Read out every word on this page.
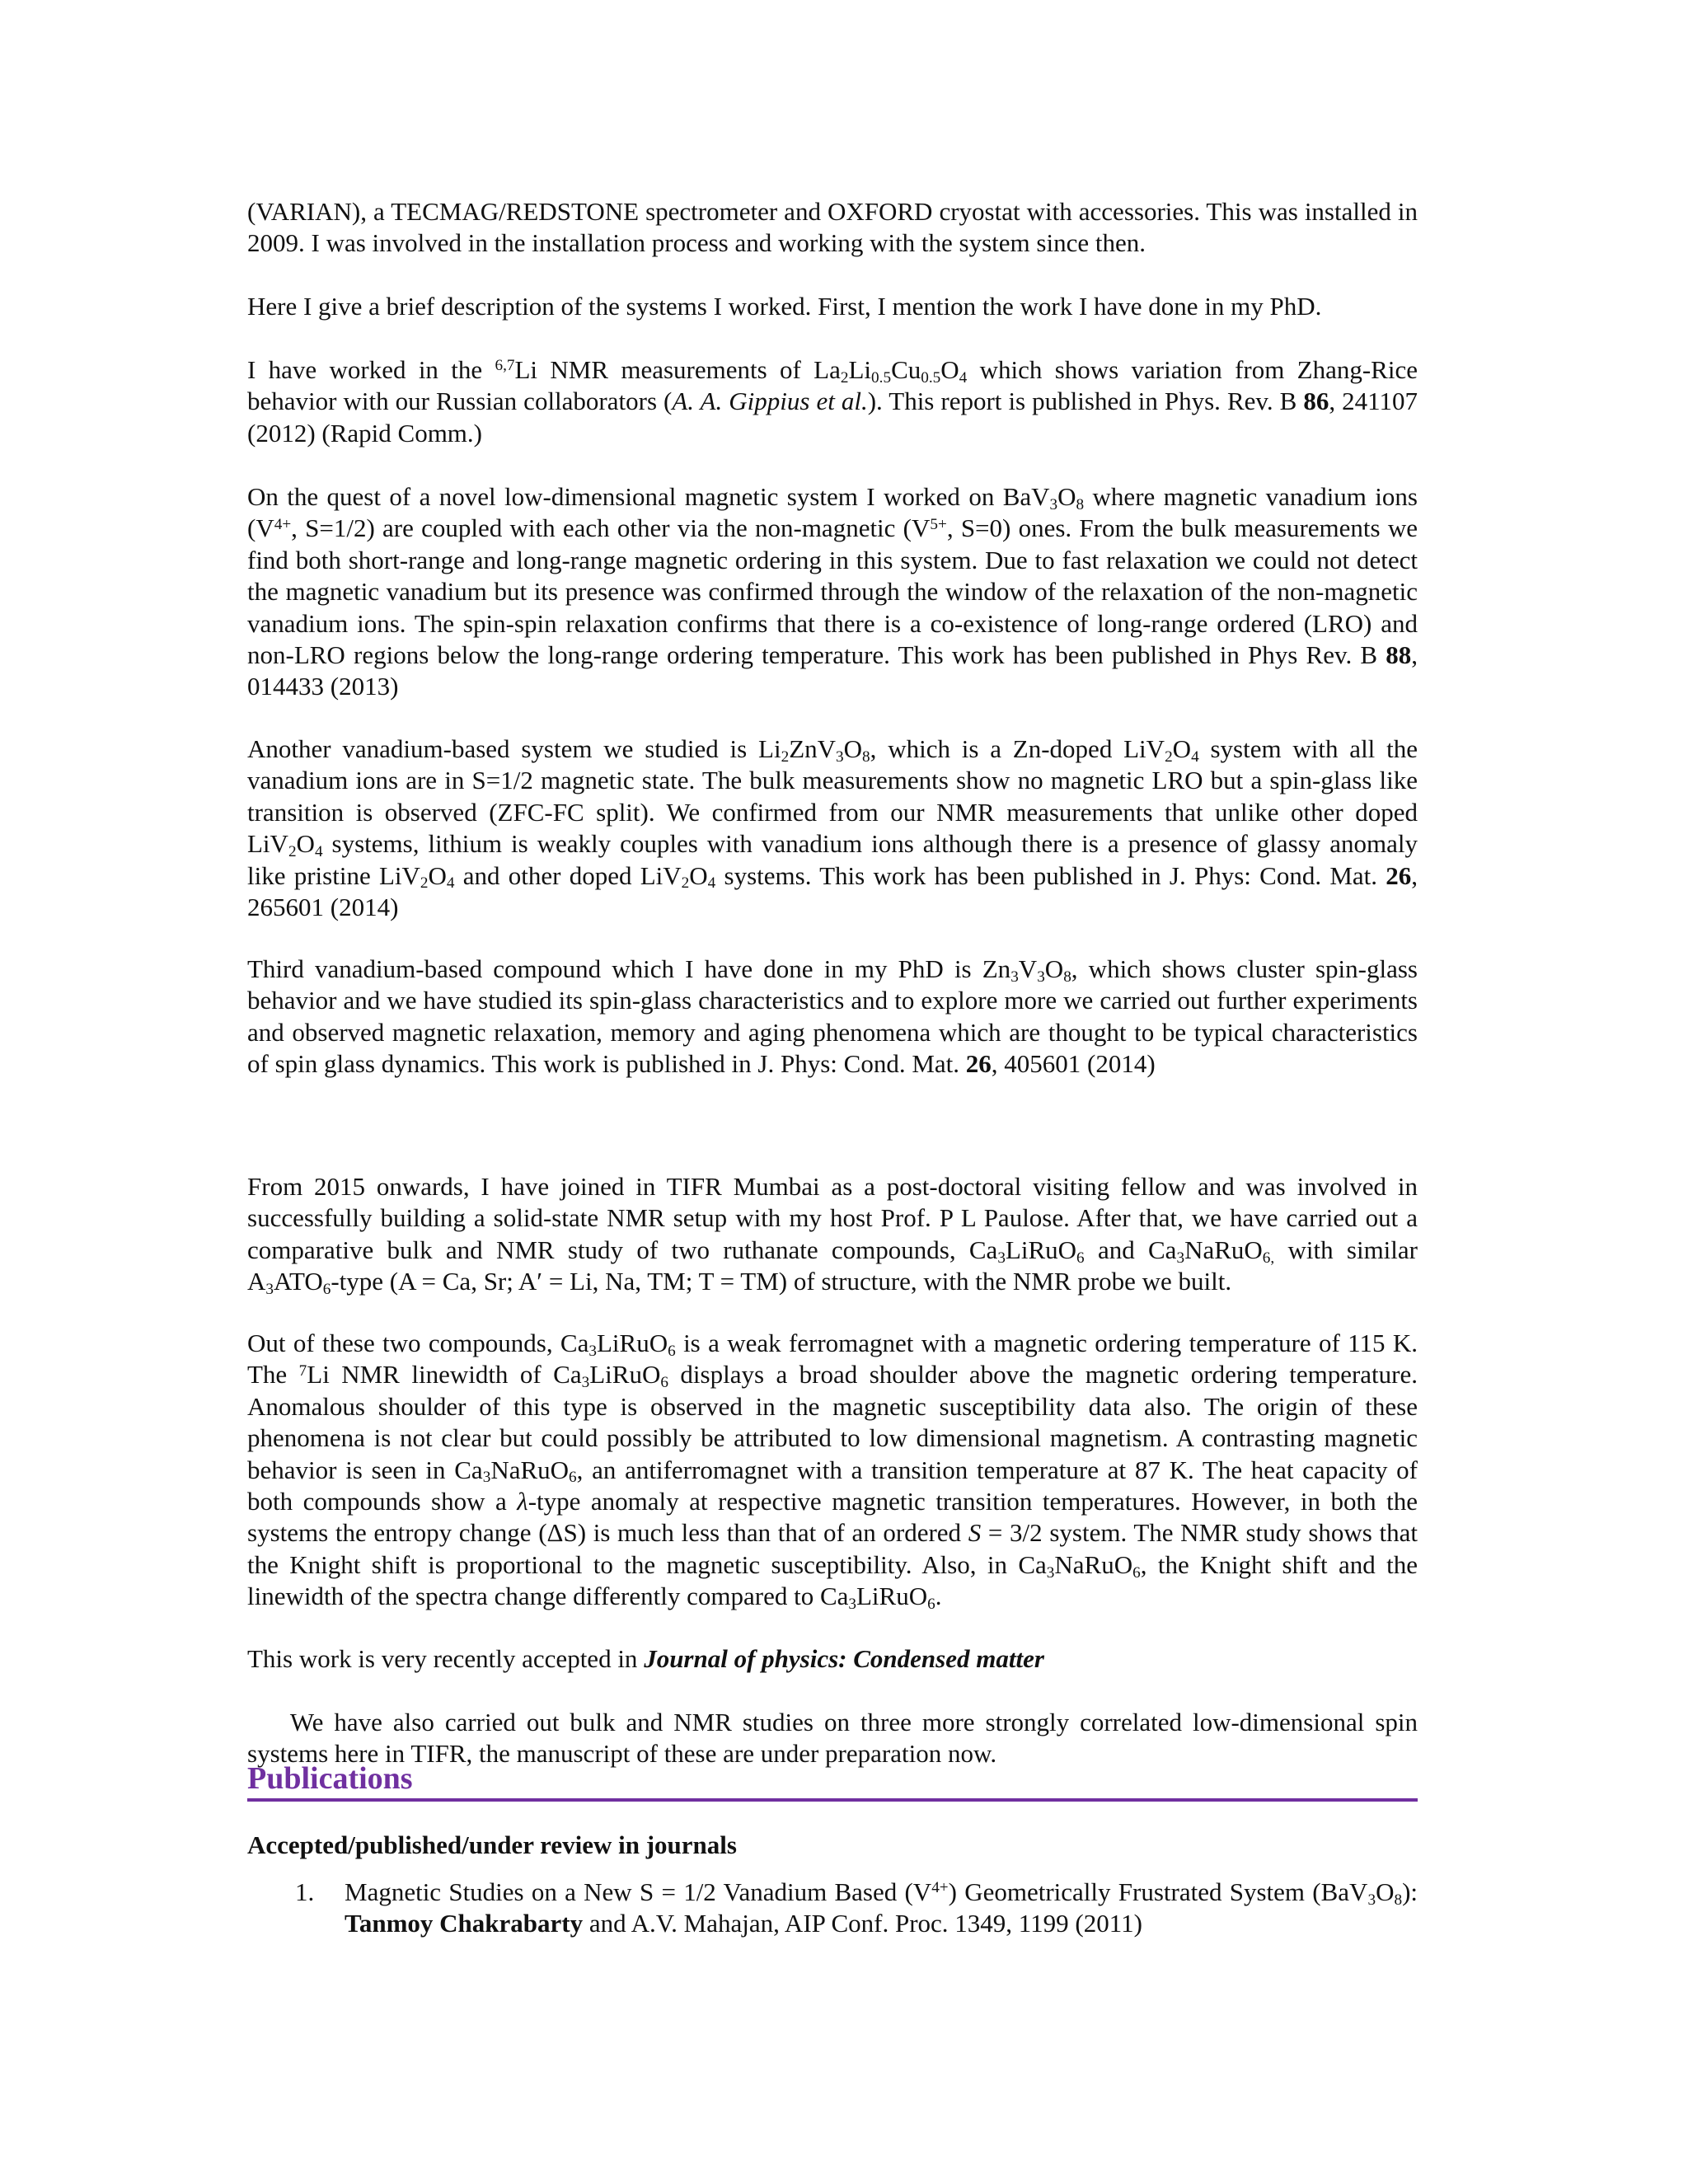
(VARIAN), a TECMAG/REDSTONE spectrometer and OXFORD cryostat with accessories. This was installed in 2009. I was involved in the installation process and working with the system since then.

Here I give a brief description of the systems I worked. First, I mention the work I have done in my PhD.

I have worked in the $^{6,7}$Li NMR measurements of $La_2Li_{0.5}Cu_{0.5}O_4$ which shows variation from Zhang-Rice behavior with our Russian collaborators (A. A. Gippius et al.). This report is published in Phys. Rev. B 86, 241107 (2012) (Rapid Comm.)

On the quest of a novel low-dimensional magnetic system I worked on $BaV_3O_8$ where magnetic vanadium ions ($V^{4+}$, S=1/2) are coupled with each other via the non-magnetic ($V^{5+}$, S=0) ones. From the bulk measurements we find both short-range and long-range magnetic ordering in this system. Due to fast relaxation we could not detect the magnetic vanadium but its presence was confirmed through the window of the relaxation of the non-magnetic vanadium ions. The spin-spin relaxation confirms that there is a co-existence of long-range ordered (LRO) and non-LRO regions below the long-range ordering temperature. This work has been published in Phys Rev. B 88, 014433 (2013)

Another vanadium-based system we studied is $Li_2ZnV_3O_8$, which is a Zn-doped $LiV_2O_4$ system with all the vanadium ions are in S=1/2 magnetic state. The bulk measurements show no magnetic LRO but a spin-glass like transition is observed (ZFC-FC split). We confirmed from our NMR measurements that unlike other doped $LiV_2O_4$ systems, lithium is weakly couples with vanadium ions although there is a presence of glassy anomaly like pristine $LiV_2O_4$ and other doped $LiV_2O_4$ systems. This work has been published in J. Phys: Cond. Mat. 26, 265601 (2014)

Third vanadium-based compound which I have done in my PhD is $Zn_3V_3O_8$, which shows cluster spin-glass behavior and we have studied its spin-glass characteristics and to explore more we carried out further experiments and observed magnetic relaxation, memory and aging phenomena which are thought to be typical characteristics of spin glass dynamics. This work is published in J. Phys: Cond. Mat. 26, 405601 (2014)

From 2015 onwards, I have joined in TIFR Mumbai as a post-doctoral visiting fellow and was involved in successfully building a solid-state NMR setup with my host Prof. P L Paulose. After that, we have carried out a comparative bulk and NMR study of two ruthanate compounds, $Ca_3LiRuO_6$ and $Ca_3NaRuO_{6,}$ with similar $A_3ATO_6$-type (A = Ca, Sr; A′ = Li, Na, TM; T = TM) of structure, with the NMR probe we built.

Out of these two compounds, $Ca_3LiRuO_6$ is a weak ferromagnet with a magnetic ordering temperature of 115 K. The $^7$Li NMR linewidth of $Ca_3LiRuO_6$ displays a broad shoulder above the magnetic ordering temperature. Anomalous shoulder of this type is observed in the magnetic susceptibility data also. The origin of these phenomena is not clear but could possibly be attributed to low dimensional magnetism. A contrasting magnetic behavior is seen in $Ca_3NaRuO_6$, an antiferromagnet with a transition temperature at 87 K. The heat capacity of both compounds show a λ-type anomaly at respective magnetic transition temperatures. However, in both the systems the entropy change (ΔS) is much less than that of an ordered S = 3/2 system. The NMR study shows that the Knight shift is proportional to the magnetic susceptibility. Also, in $Ca_3NaRuO_6$, the Knight shift and the linewidth of the spectra change differently compared to $Ca_3LiRuO_6$.

This work is very recently accepted in Journal of physics: Condensed matter

We have also carried out bulk and NMR studies on three more strongly correlated low-dimensional spin systems here in TIFR, the manuscript of these are under preparation now.

Publications
Accepted/published/under review in journals
1. Magnetic Studies on a New S = 1/2 Vanadium Based $(V^{4+})$ Geometrically Frustrated System $(BaV_3O_8)$: Tanmoy Chakrabarty and A.V. Mahajan, AIP Conf. Proc. 1349, 1199 (2011)
